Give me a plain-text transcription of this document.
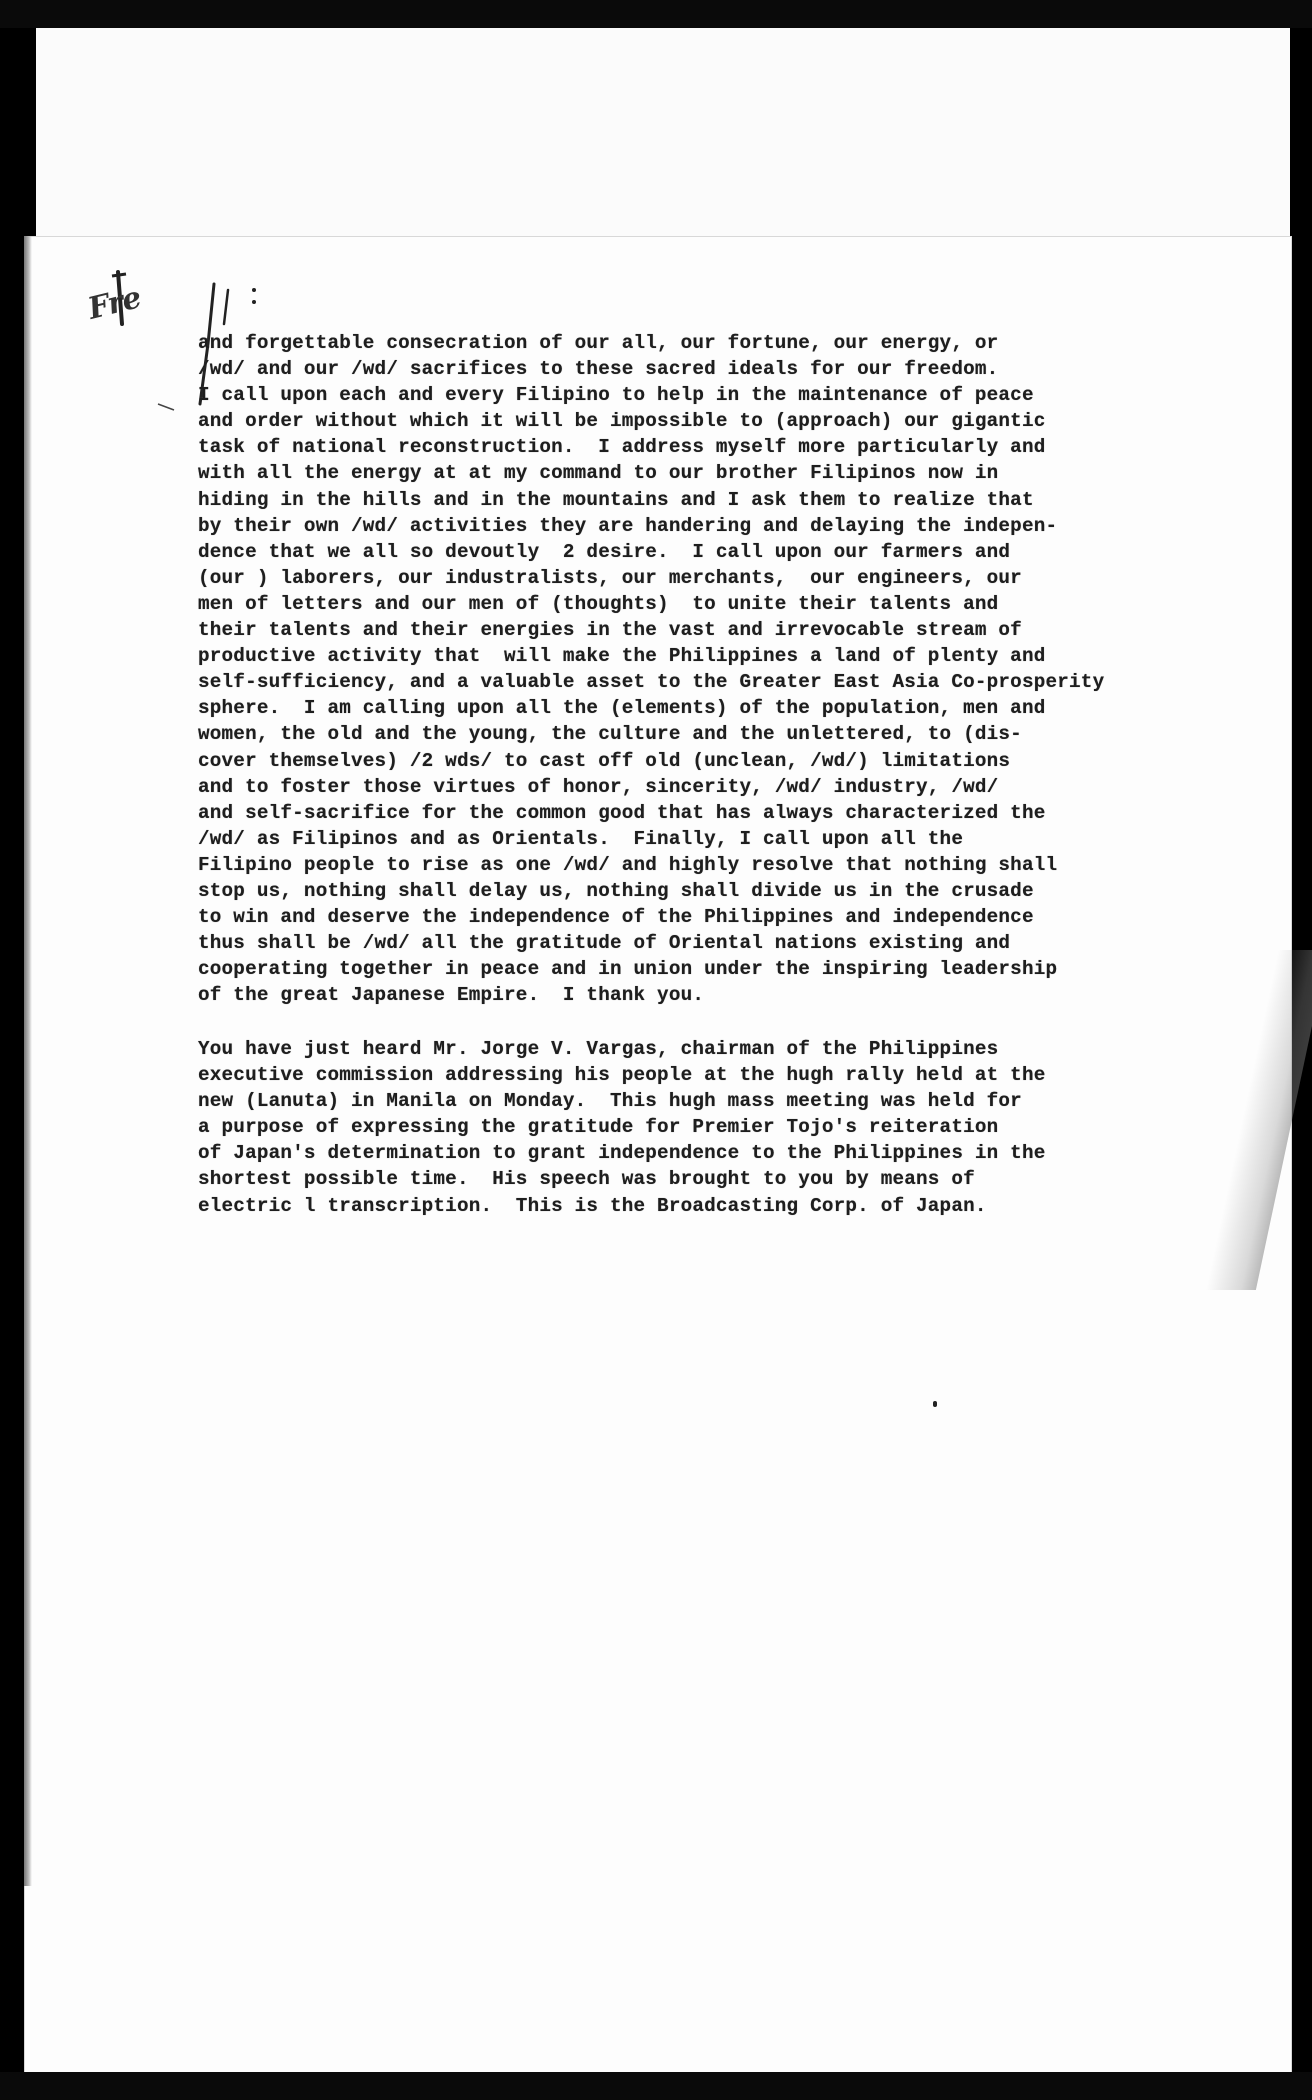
Fre
and forgettable consecration of our all, our fortune, our energy, or
/wd/ and our /wd/ sacrifices to these sacred ideals for our freedom.
I call upon each and every Filipino to help in the maintenance of peace
and order without which it will be impossible to (approach) our gigantic
task of national reconstruction.  I address myself more particularly and
with all the energy at at my command to our brother Filipinos now in
hiding in the hills and in the mountains and I ask them to realize that
by their own /wd/ activities they are handering and delaying the indepen-
dence that we all so devoutly  2 desire.  I call upon our farmers and
(our ) laborers, our industralists, our merchants,  our engineers, our
men of letters and our men of (thoughts)  to unite their talents and
their talents and their energies in the vast and irrevocable stream of
productive activity that  will make the Philippines a land of plenty and
self-sufficiency, and a valuable asset to the Greater East Asia Co-prosperity
sphere.  I am calling upon all the (elements) of the population, men and
women, the old and the young, the culture and the unlettered, to (dis-
cover themselves) /2 wds/ to cast off old (unclean, /wd/) limitations
and to foster those virtues of honor, sincerity, /wd/ industry, /wd/
and self-sacrifice for the common good that has always characterized the
/wd/ as Filipinos and as Orientals.  Finally, I call upon all the
Filipino people to rise as one /wd/ and highly resolve that nothing shall
stop us, nothing shall delay us, nothing shall divide us in the crusade
to win and deserve the independence of the Philippines and independence
thus shall be /wd/ all the gratitude of Oriental nations existing and
cooperating together in peace and in union under the inspiring leadership
of the great Japanese Empire.  I thank you.
You have just heard Mr. Jorge V. Vargas, chairman of the Philippines
executive commission addressing his people at the hugh rally held at the
new (Lanuta) in Manila on Monday.  This hugh mass meeting was held for
a purpose of expressing the gratitude for Premier Tojo's reiteration
of Japan's determination to grant independence to the Philippines in the
shortest possible time.  His speech was brought to you by means of
electric l transcription.  This is the Broadcasting Corp. of Japan.
